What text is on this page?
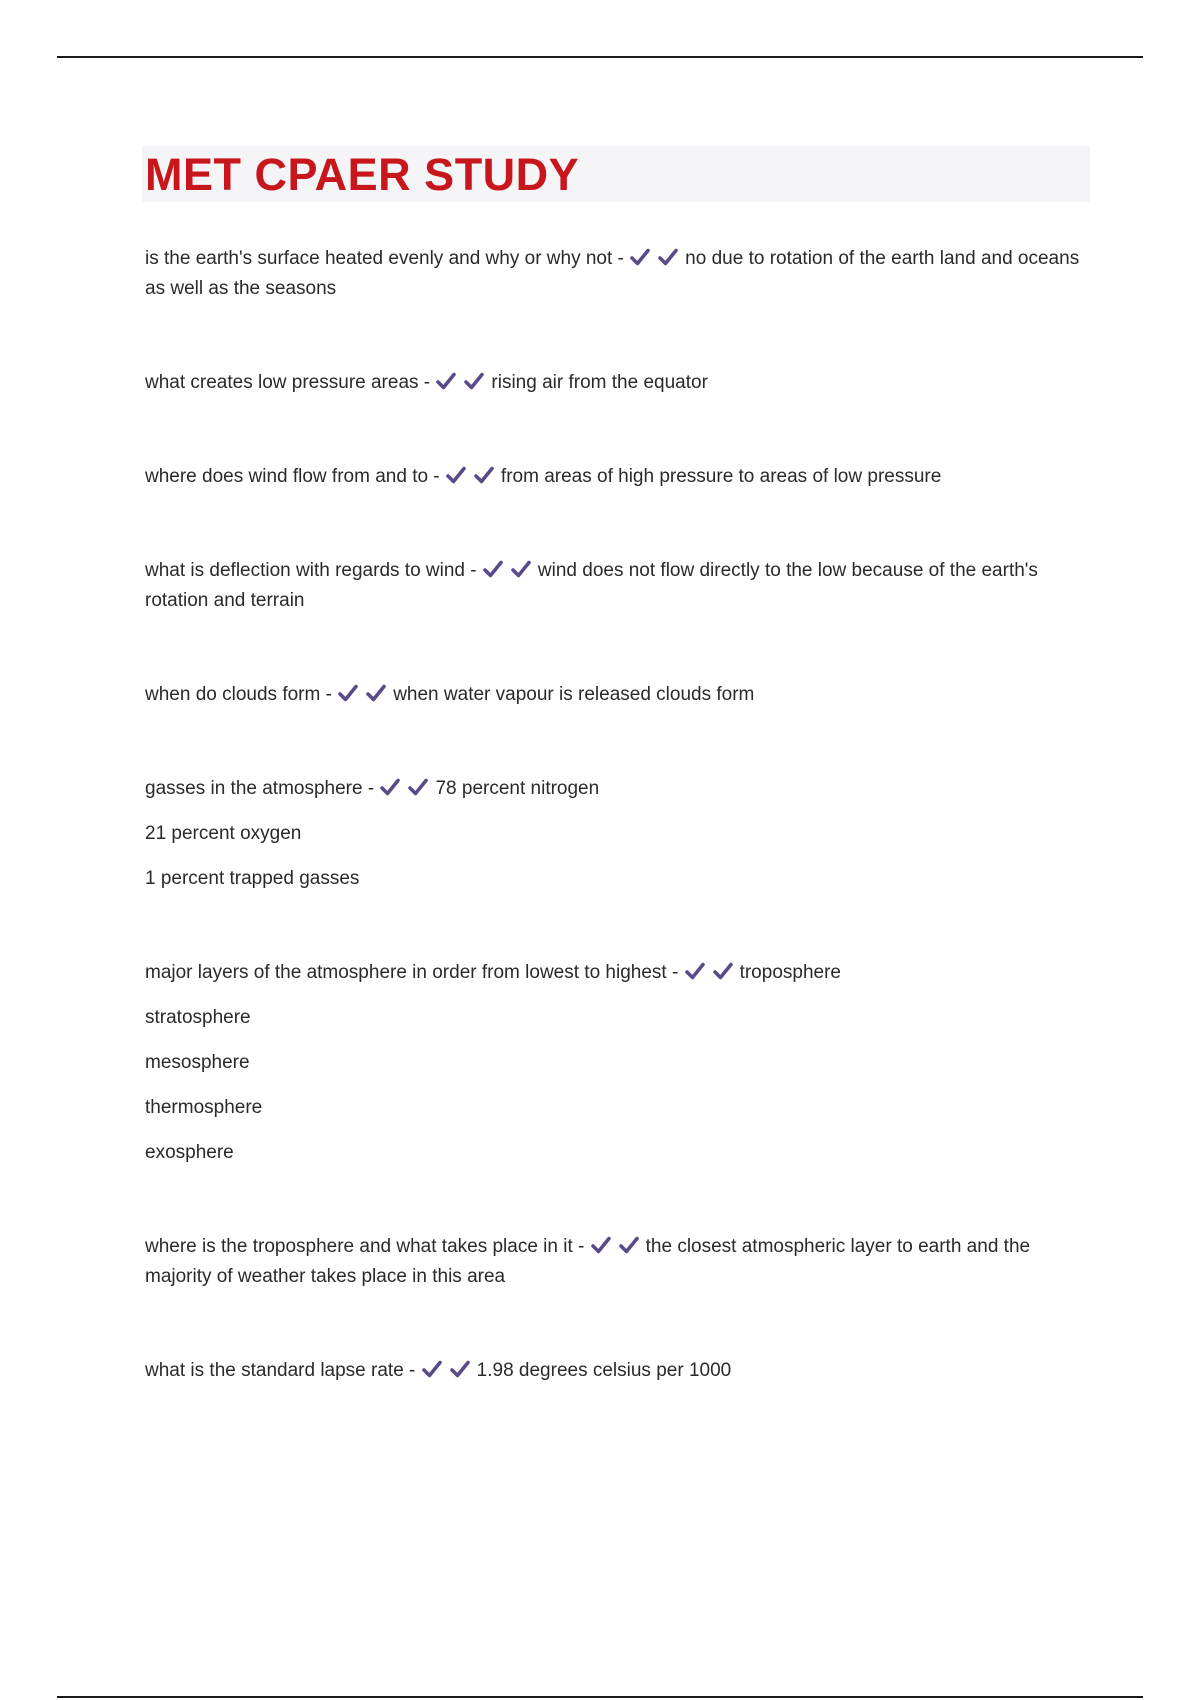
MET CPAER STUDY

is the earth's surface heated evenly and why or why not -	no due to rotation of the earth land and oceans as well as the seasons

what creates low pressure areas -	rising air from the equator

where does wind flow from and to -	from areas of high pressure to areas of low pressure

what is deflection with regards to wind -	wind does not flow directly to the low because of the earth's rotation and terrain

when do clouds form -	when water vapour is released clouds form

gasses in the atmosphere -	78 percent nitrogen

21 percent oxygen

1 percent trapped gasses

major layers of the atmosphere in order from lowest to highest -	troposphere

stratosphere

mesosphere

thermosphere

exosphere

where is the troposphere and what takes place in it -	the closest atmospheric layer to earth and the majority of weather takes place in this area

what is the standard lapse rate -	1.98 degrees celsius per 1000
